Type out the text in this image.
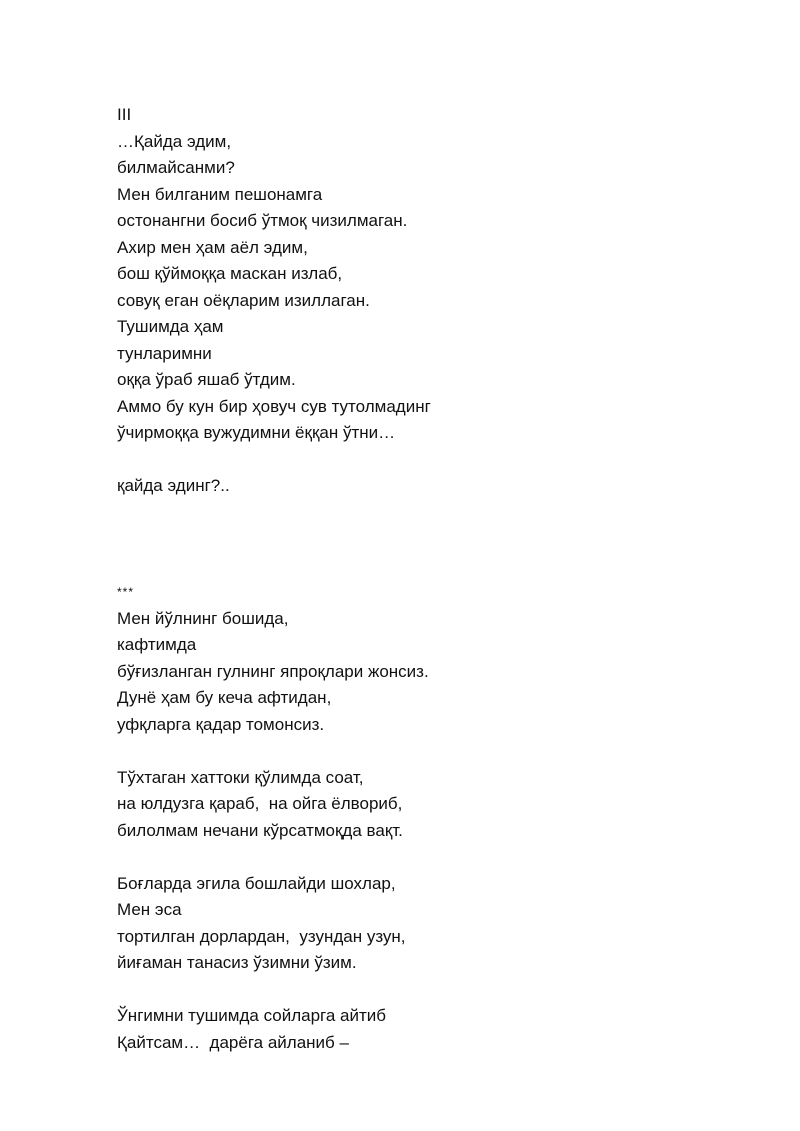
III
…Қайда эдим,
билмайсанми?
Мен билганим пешонамга
остонангни босиб ўтмоқ чизилмаган.
Ахир мен ҳам аёл эдим,
бош қўймоққа маскан излаб,
совуқ еган оёқларим изиллаган.
Тушимда ҳам
тунларимни
оққа ўраб яшаб ўтдим.
Аммо бу кун бир ҳовуч сув тутолмадинг
ўчирмоққа вужудимни ёққан ўтни…
қайда эдинг?..
***
Мен йўлнинг бошида,
кафтимда
бўғизланган гулнинг япроқлари жонсиз.
Дунё ҳам бу кеча афтидан,
уфқларга қадар томонсиз.
Тўхтаган хаттоки қўлимда соат,
на юлдузга қараб,  на ойга ёлвориб,
билолмам нечани кўрсатмоқда вақт.
Боғларда эгила бошлайди шохлар,
Мен эса
тортилган дорлардан,  узундан узун,
йиғаман танасиз ўзимни ўзим.
Ўнгимни тушимда сойларга айтиб
Қайтсам…  дарёга айланиб –
